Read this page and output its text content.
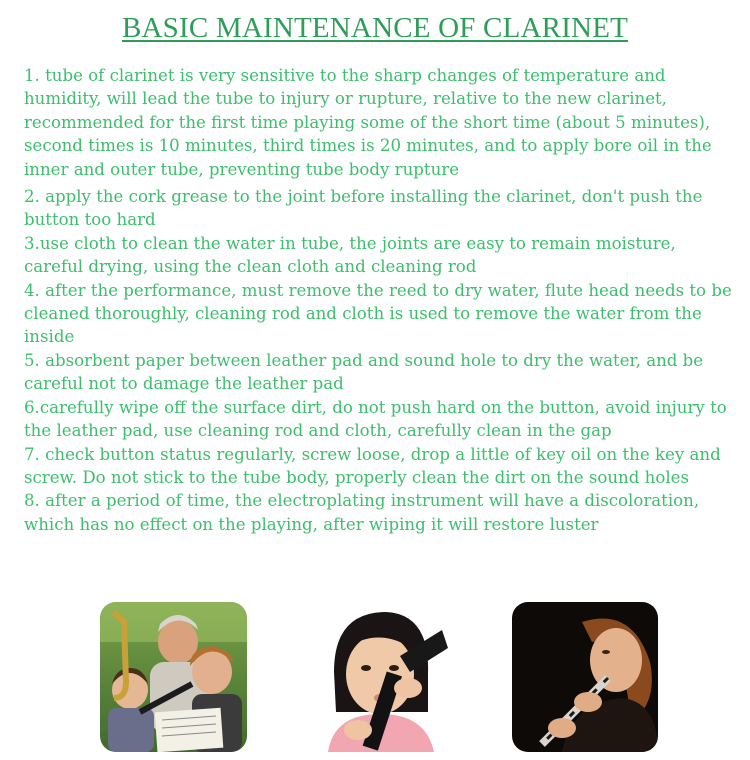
BASIC MAINTENANCE OF CLARINET

1. tube of clarinet is very sensitive to the sharp changes of temperature and humidity, will lead the tube to injury or rupture, relative to the new clarinet, recommended for the first time playing some of the short time (about 5 minutes), second times is 10 minutes, third times is 20 minutes, and to apply bore oil in the inner and outer tube, preventing tube body rupture

2. apply the cork grease to the joint before installing the clarinet, don't push the button too hard

3.use cloth to clean the water in tube, the joints are easy to remain moisture, careful drying, using the clean cloth and cleaning rod

4. after the performance, must remove the reed to dry water, flute head needs to be cleaned thoroughly, cleaning rod and cloth is used to remove the water from the inside

5. absorbent paper between leather pad and sound hole to dry the water, and be careful not to damage the leather pad

6.carefully wipe off the surface dirt, do not push hard on the button, avoid injury to the leather pad, use cleaning rod and cloth, carefully clean in the gap

7. check button status regularly, screw loose, drop a little of key oil on the key and screw. Do not stick to the tube body, properly clean the dirt on the sound holes

8. after a period of time, the electroplating instrument will have a discoloration, which has no effect on the playing, after wiping it will restore luster
